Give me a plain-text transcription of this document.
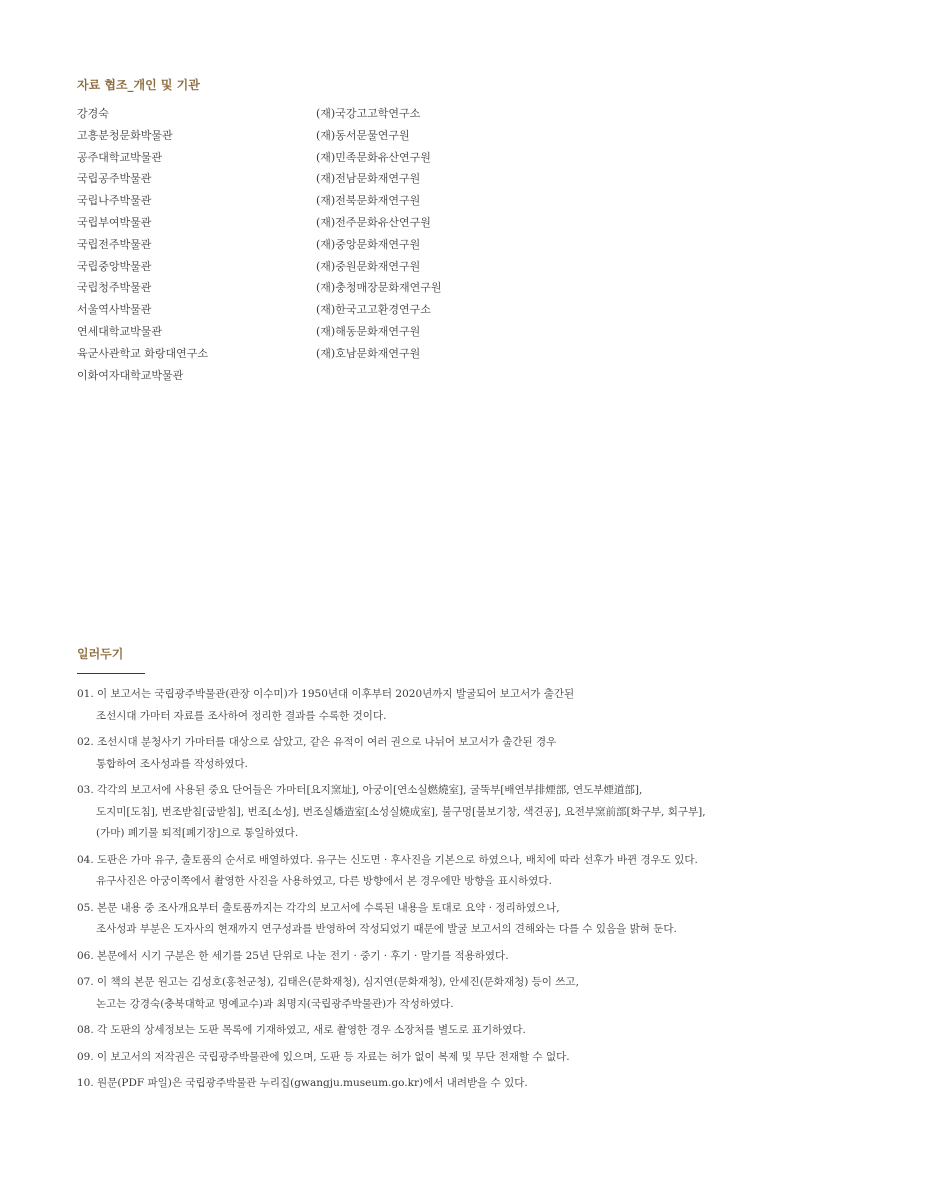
자료 협조_개인 및 기관
강경숙
고흥분청문화박물관
공주대학교박물관
국립공주박물관
국립나주박물관
국립부여박물관
국립전주박물관
국립중앙박물관
국립청주박물관
서울역사박물관
연세대학교박물관
육군사관학교 화랑대연구소
이화여자대학교박물관
(재)국강고고학연구소
(재)동서문물연구원
(재)민족문화유산연구원
(재)전남문화재연구원
(재)전북문화재연구원
(재)전주문화유산연구원
(재)중앙문화재연구원
(재)중원문화재연구원
(재)충청매장문화재연구원
(재)한국고고환경연구소
(재)해동문화재연구원
(재)호남문화재연구원
일러두기
01. 이 보고서는 국립광주박물관(관장 이수미)가 1950년대 이후부터 2020년까지 발굴되어 보고서가 출간된
조선시대 가마터 자료를 조사하여 정리한 결과를 수록한 것이다.
02. 조선시대 분청사기 가마터를 대상으로 삼았고, 같은 유적이 여러 권으로 나뉘어 보고서가 출간된 경우
통합하여 조사성과를 작성하였다.
03. 각각의 보고서에 사용된 중요 단어들은 가마터[요지窯址], 아궁이[연소실燃燒室], 굴뚝부[배연부排煙部, 연도부煙道部],
도지미[도침], 번조받침[굽받침], 번조[소성], 번조실燔造室[소성실燒成室], 불구멍[불보기창, 색견공], 요전부窯前部[화구부, 회구부],
(가마) 폐기물 퇴적[폐기장]으로 통일하였다.
04. 도판은 가마 유구, 출토품의 순서로 배열하였다. 유구는 신도면 · 후사진을 기본으로 하였으나, 배치에 따라 선후가 바뀐 경우도 있다.
유구사진은 아궁이쪽에서 촬영한 사진을 사용하였고, 다른 방향에서 본 경우에만 방향을 표시하였다.
05. 본문 내용 중 조사개요부터 출토품까지는 각각의 보고서에 수록된 내용을 토대로 요약 · 정리하였으나,
조사성과 부분은 도자사의 현재까지 연구성과를 반영하여 작성되었기 때문에 발굴 보고서의 견해와는 다를 수 있음을 밝혀 둔다.
06. 본문에서 시기 구분은 한 세기를 25년 단위로 나눈 전기 · 중기 · 후기 · 말기를 적용하였다.
07. 이 책의 본문 원고는 김성호(홍천군청), 김태은(문화재청), 심지연(문화재청), 안세진(문화재청) 등이 쓰고,
논고는 강경숙(충북대학교 명예교수)과 최명지(국립광주박물관)가 작성하였다.
08. 각 도판의 상세정보는 도판 목록에 기재하였고, 새로 촬영한 경우 소장처를 별도로 표기하였다.
09. 이 보고서의 저작권은 국립광주박물관에 있으며, 도판 등 자료는 허가 없이 복제 및 무단 전재할 수 없다.
10. 원문(PDF 파일)은 국립광주박물관 누리집(gwangju.museum.go.kr)에서 내려받을 수 있다.
